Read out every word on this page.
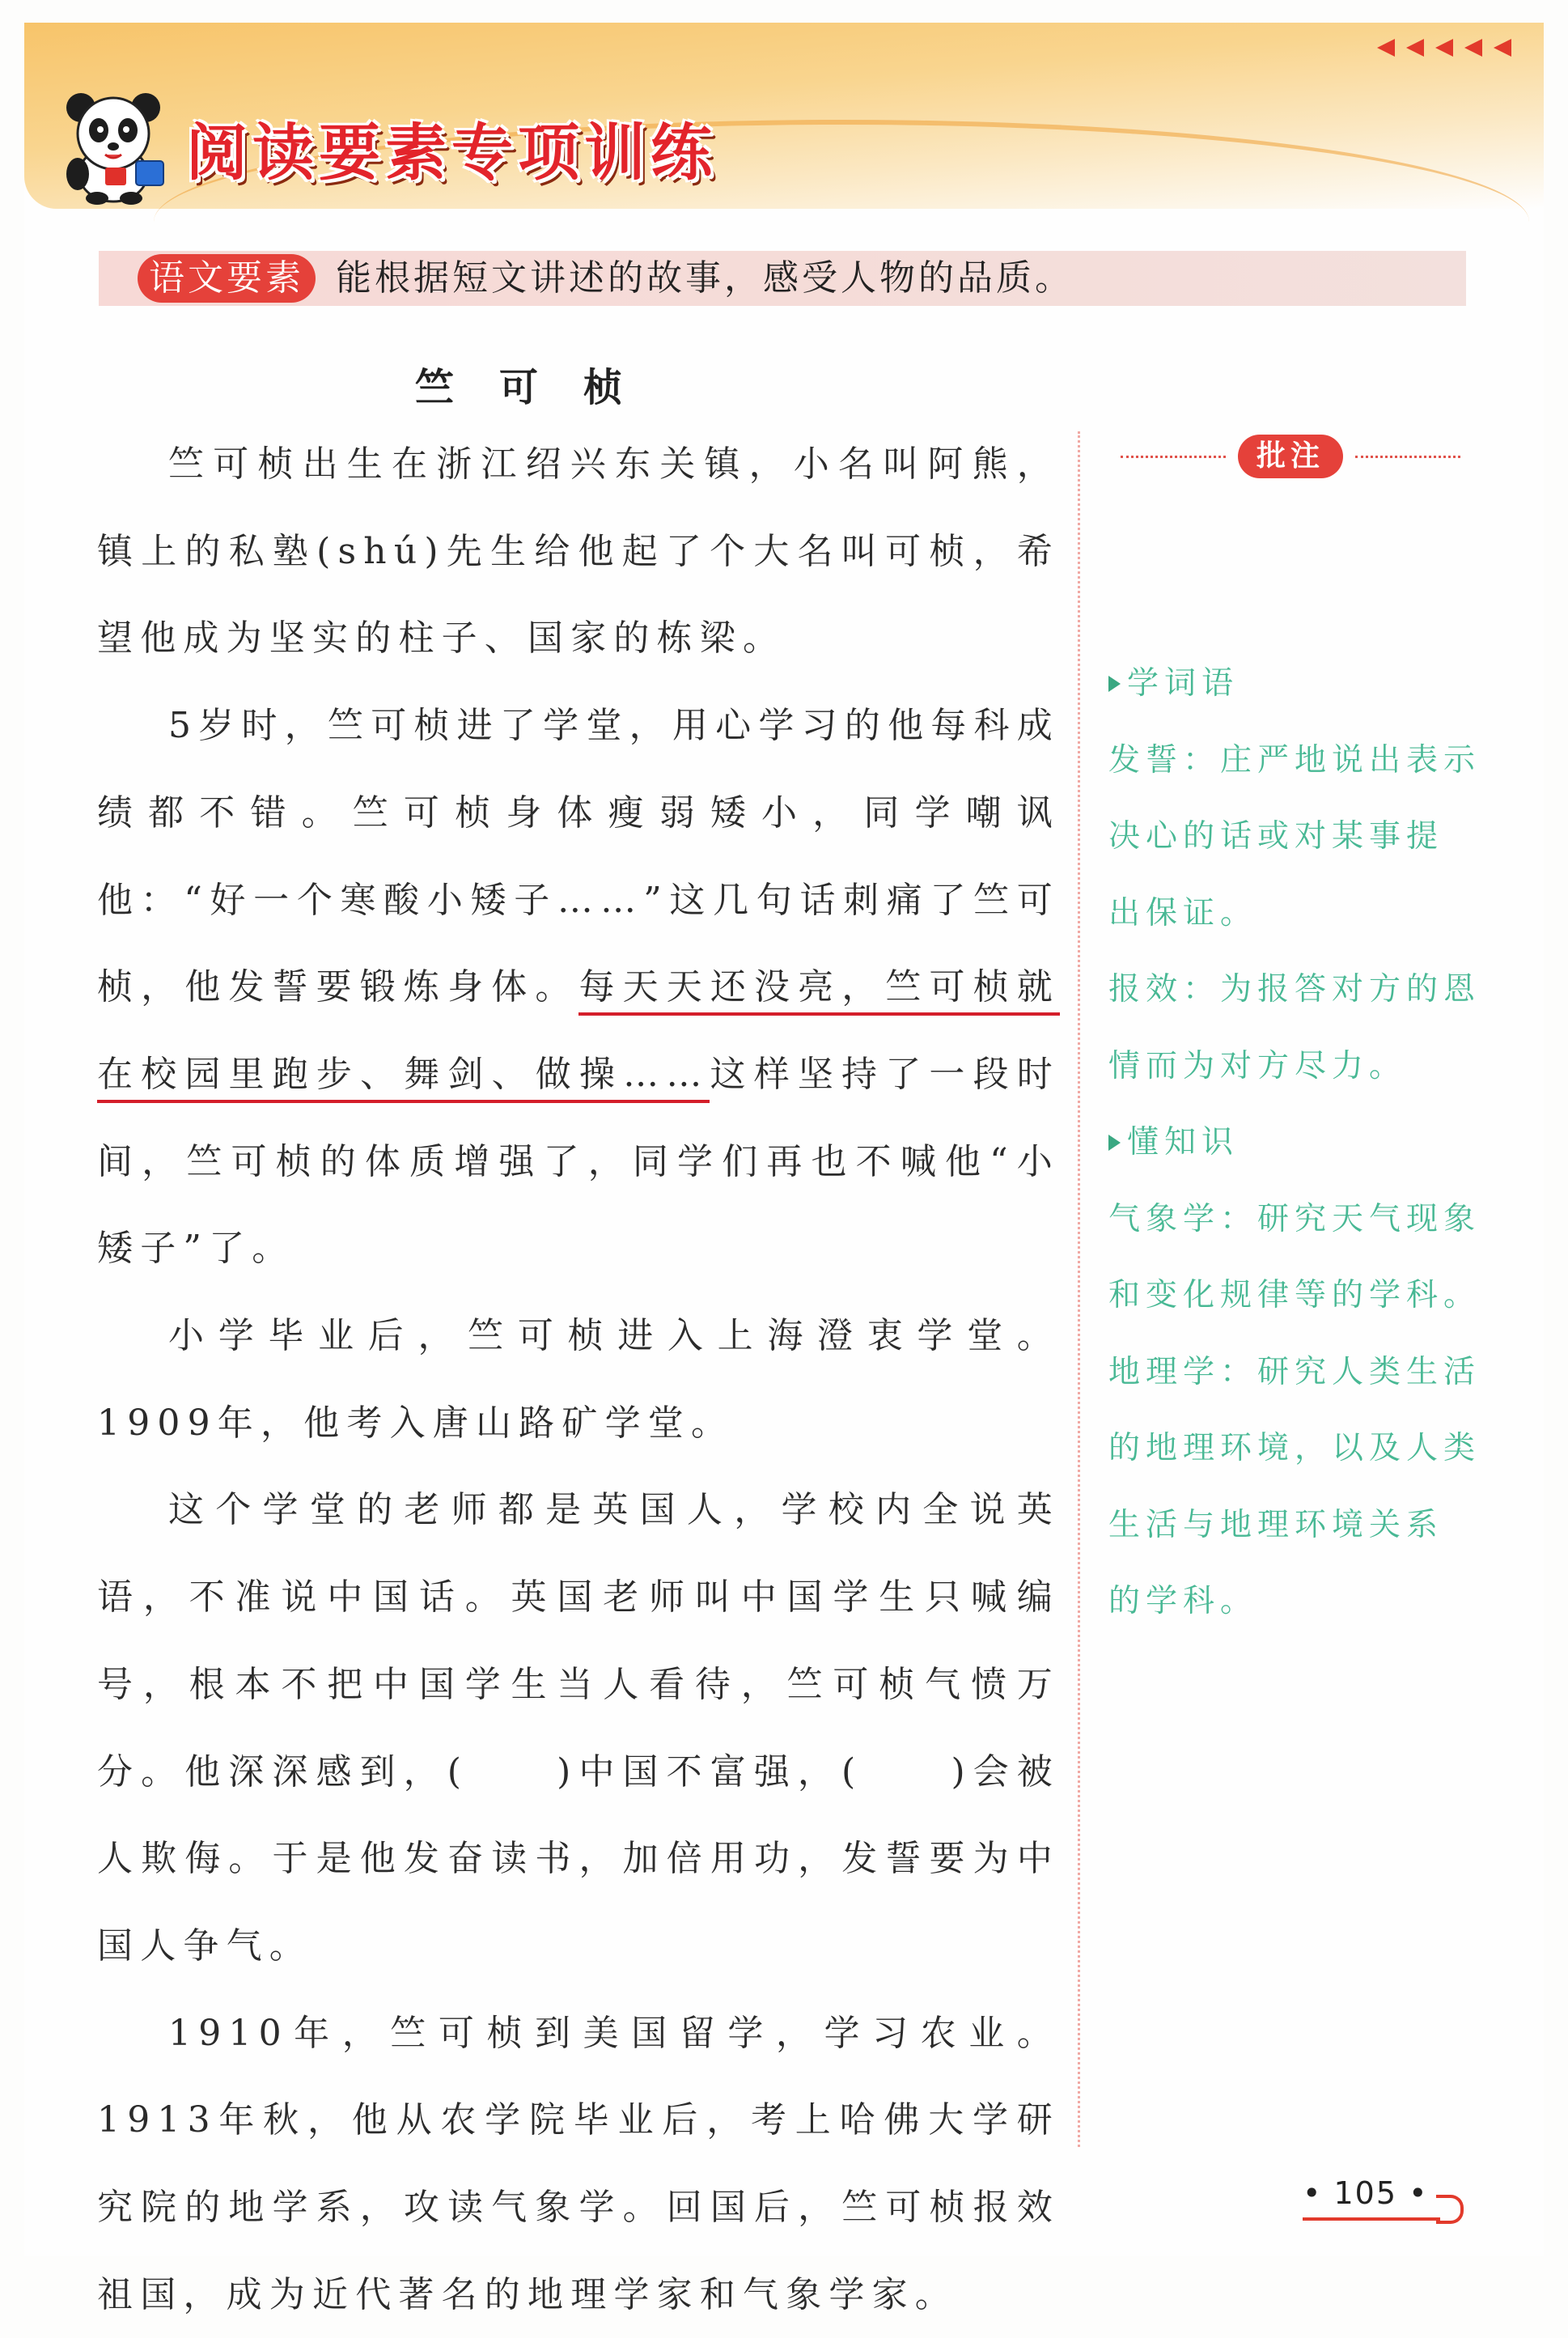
阅读要素专项训练
语文要素 能根据短文讲述的故事，感受人物的品质。
竺可桢

竺可桢出生在浙江绍兴东关镇，小名叫阿熊，镇上的私塾(shú)先生给他起了个大名叫可桢，希望他成为坚实的柱子、国家的栋梁。

5岁时，竺可桢进了学堂，用心学习的他每科成绩都不错。竺可桢身体瘦弱矮小，同学嘲讽他：“好一个寒酸小矮子……”这几句话刺痛了竺可桢，他发誓要锻炼身体。每天天还没亮，竺可桢就在校园里跑步、舞剑、做操……这样坚持了一段时间，竺可桢的体质增强了，同学们再也不喊他“小矮子”了。

小学毕业后，竺可桢进入上海澄衷学堂。1909年，他考入唐山路矿学堂。

这个学堂的老师都是英国人，学校内全说英语，不准说中国话。英国老师叫中国学生只喊编号，根本不把中国学生当人看待，竺可桢气愤万分。他深深感到，(　　)中国不富强，(　　)会被人欺侮。于是他发奋读书，加倍用功，发誓要为中国人争气。

1910年，竺可桢到美国留学，学习农业。1913年秋，他从农学院毕业后，考上哈佛大学研究院的地学系，攻读气象学。回国后，竺可桢报效祖国，成为近代著名的地理学家和气象学家。

批注
学词语
发誓：庄严地说出表示
决心的话或对某事提
出保证。
报效：为报答对方的恩
情而为对方尽力。
懂知识
气象学：研究天气现象
和变化规律等的学科。
地理学：研究人类生活
的地理环境，以及人类
生活与地理环境关系
的学科。
• 105 •
